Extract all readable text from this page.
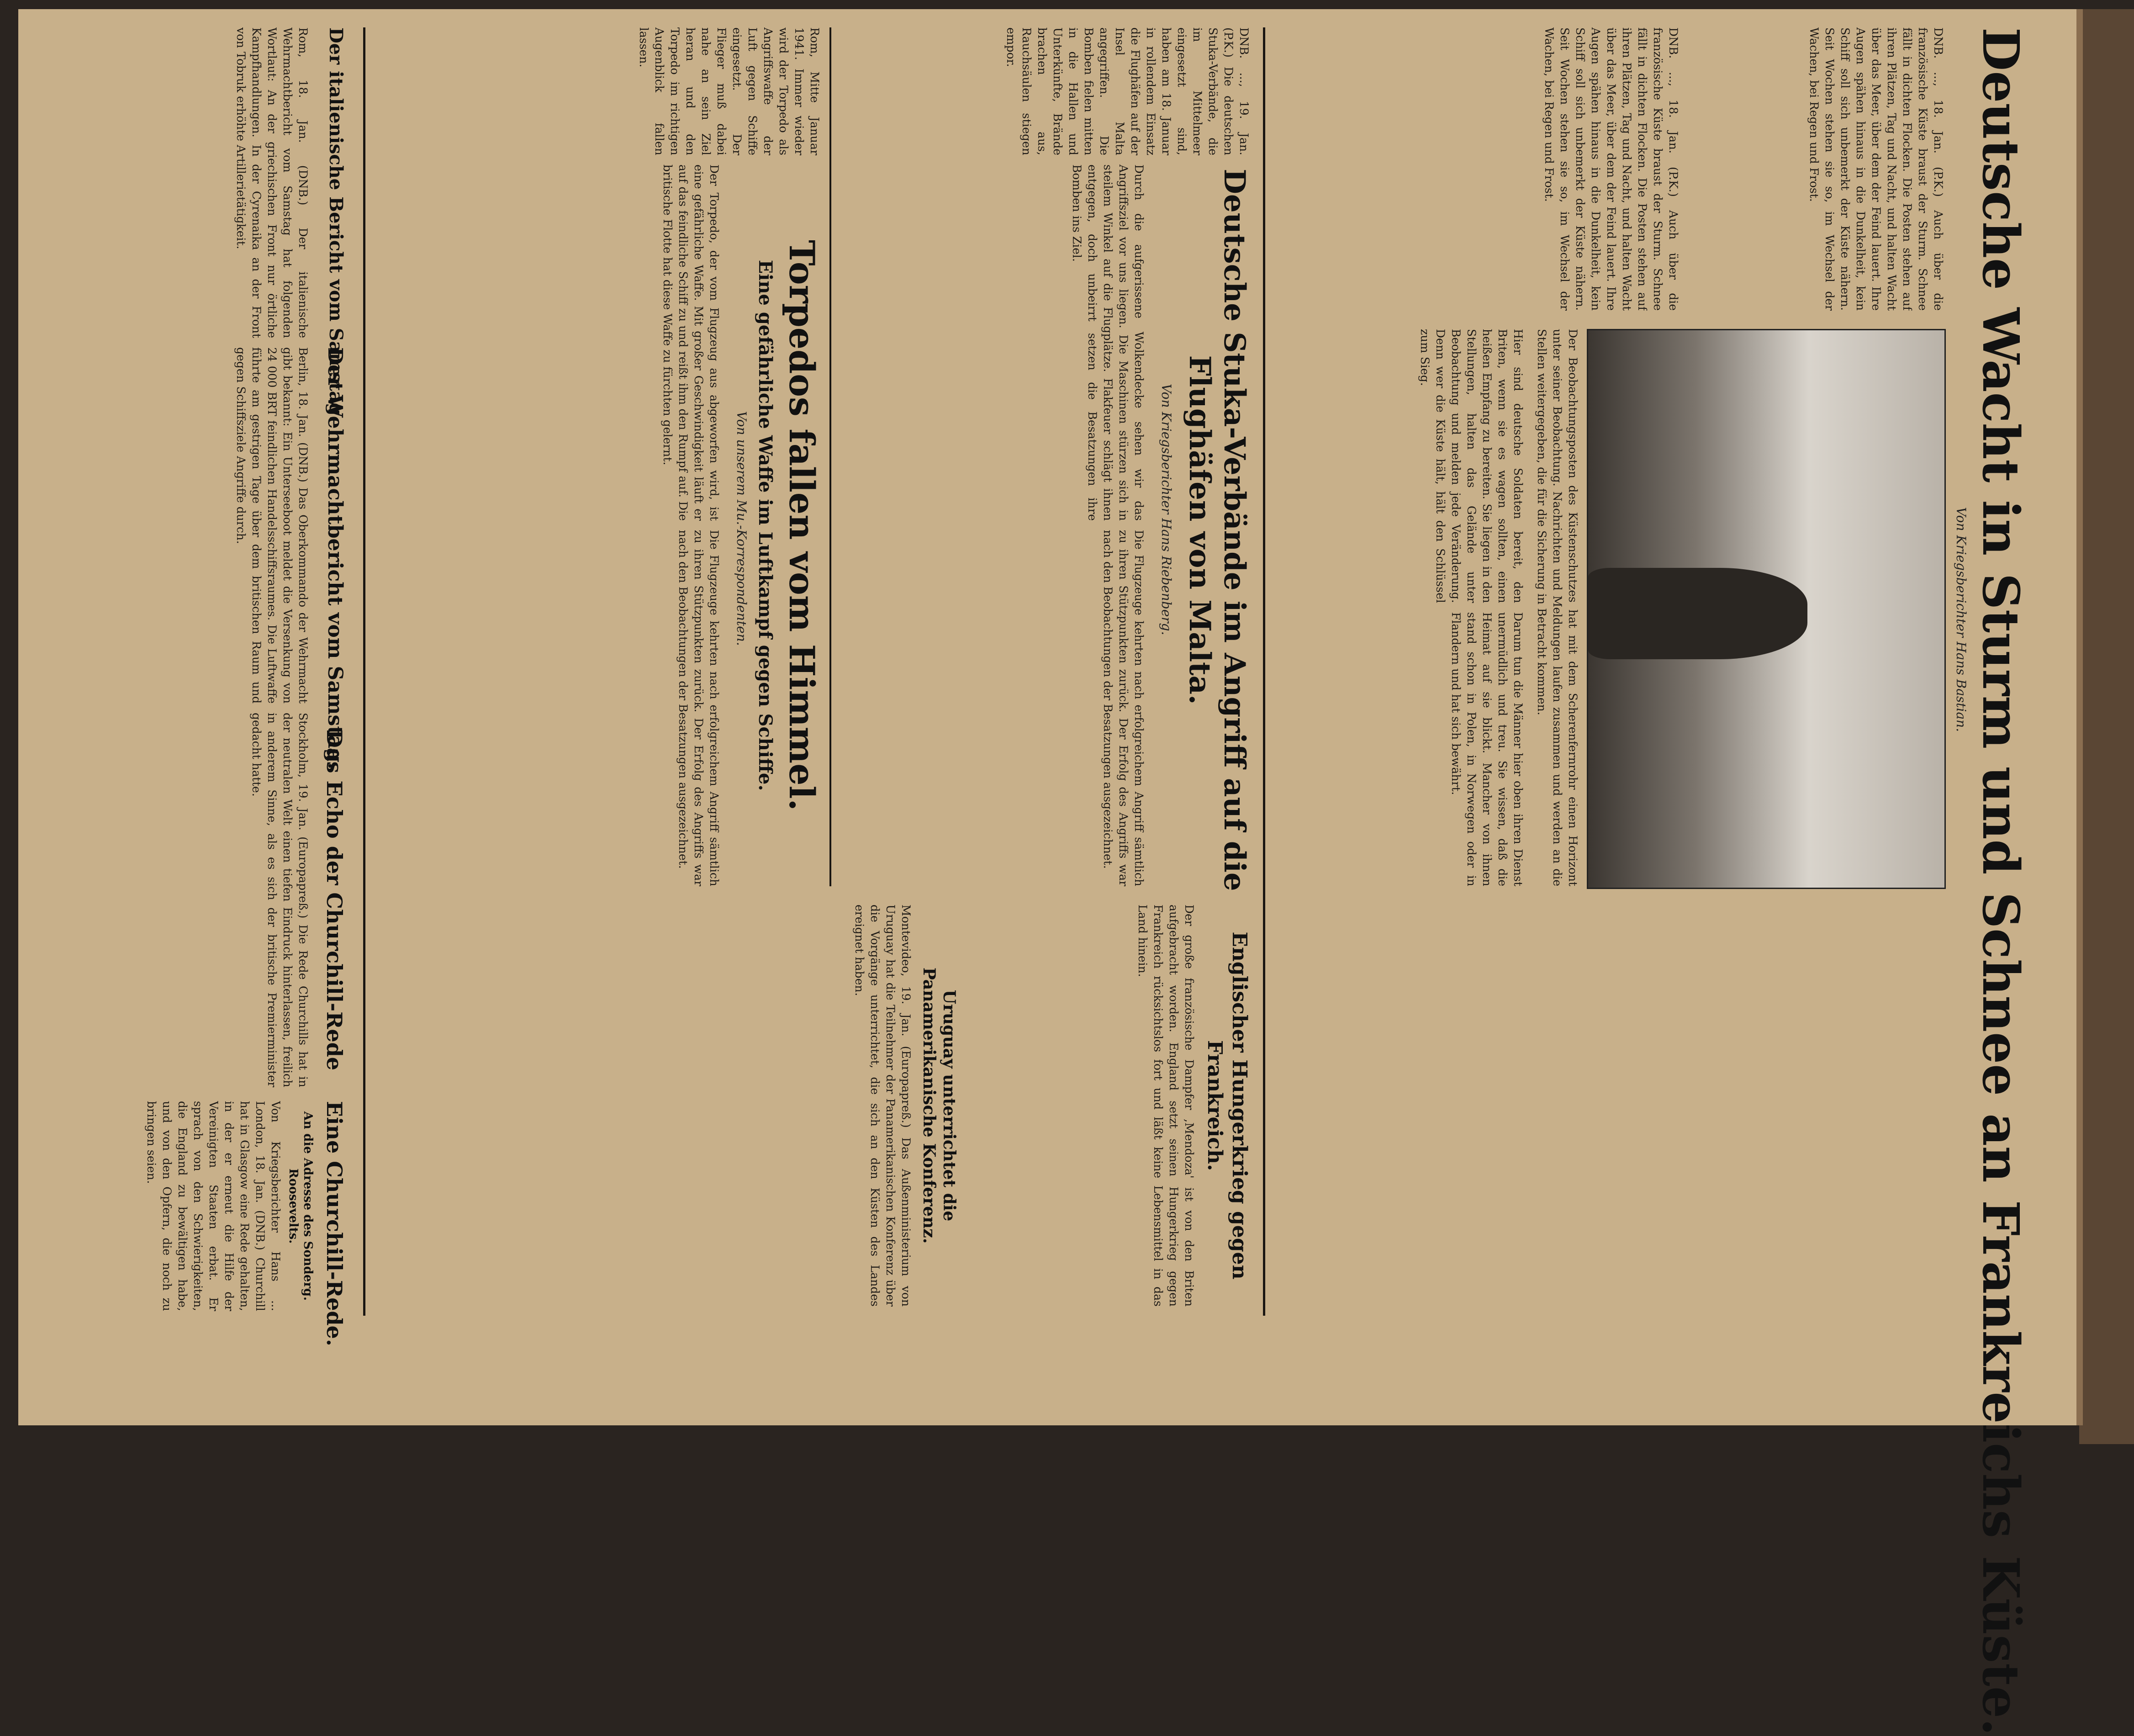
Deutsche Wacht in Sturm und Schnee an Frankreichs Küste.
Von Kriegsberichter Hans Bastian.
DNB. ..., 18. Jan. (P.K.) Auch über die französische Küste braust der Sturm. Schnee fällt in dichten Flocken. Die Posten stehen auf ihren Plätzen, Tag und Nacht, und halten Wacht über das Meer, über dem der Feind lauert. Ihre Augen spähen hinaus in die Dunkelheit, kein Schiff soll sich unbemerkt der Küste nähern. Seit Wochen stehen sie so, im Wechsel der Wachen, bei Regen und Frost.
Der Beobachtungsposten des Küstenschutzes hat mit dem Scherenfernrohr einen Horizont unter seiner Beobachtung. Nachrichten und Meldungen laufen zusammen und werden an die Stellen weitergegeben, die für die Sicherung in Betracht kommen.
Hier sind deutsche Soldaten bereit, den Briten, wenn sie es wagen sollten, einen heißen Empfang zu bereiten. Sie liegen in den Stellungen, halten das Gelände unter Beobachtung und melden jede Veränderung. Denn wer die Küste hält, hält den Schlüssel zum Sieg.
Darum tun die Männer hier oben ihren Dienst unermüdlich und treu. Sie wissen, daß die Heimat auf sie blickt. Mancher von ihnen stand schon in Polen, in Norwegen oder in Flandern und hat sich bewährt.
DNB. ..., 18. Jan. (P.K.) Auch über die französische Küste braust der Sturm. Schnee fällt in dichten Flocken. Die Posten stehen auf ihren Plätzen, Tag und Nacht, und halten Wacht über das Meer, über dem der Feind lauert. Ihre Augen spähen hinaus in die Dunkelheit, kein Schiff soll sich unbemerkt der Küste nähern. Seit Wochen stehen sie so, im Wechsel der Wachen, bei Regen und Frost.
Deutsche Stuka-Verbände im Angriff auf die Flughäfen von Malta.
Von Kriegsberichter Hans Riebenberg.
DNB. ..., 19. Jan. (P.K.) Die deutschen Stuka-Verbände, die im Mittelmeer eingesetzt sind, haben am 18. Januar in rollendem Einsatz die Flughäfen auf der Insel Malta angegriffen. Die Bomben fielen mitten in die Hallen und Unterkünfte, Brände brachen aus, Rauchsäulen stiegen empor.
Durch die aufgerissene Wolkendecke sehen wir das Angriffsziel vor uns liegen. Die Maschinen stürzen sich in steilem Winkel auf die Flugplätze. Flakfeuer schlägt ihnen entgegen, doch unbeirrt setzen die Besatzungen ihre Bomben ins Ziel.
Die Flugzeuge kehrten nach erfolgreichem Angriff sämtlich zu ihren Stützpunkten zurück. Der Erfolg des Angriffs war nach den Beobachtungen der Besatzungen ausgezeichnet.
Englischer Hungerkrieg gegen Frankreich.
Der große französische Dampfer ,Mendoza' ist von den Briten aufgebracht worden. England setzt seinen Hungerkrieg gegen Frankreich rücksichtslos fort und läßt keine Lebensmittel in das Land hinein.
Uruguay unterrichtet die Panamerikanische Konferenz.
Montevideo, 19. Jan. (Europapreß.) Das Außenministerium von Uruguay hat die Teilnehmer der Panamerikanischen Konferenz über die Vorgänge unterrichtet, die sich an den Küsten des Landes ereignet haben.
Torpedos fallen vom Himmel.
Eine gefährliche Waffe im Luftkampf gegen Schiffe.
Von unserem Mu.-Korrespondenten.
Rom, Mitte Januar 1941. Immer wieder wird der Torpedo als Angriffswaffe der Luft gegen Schiffe eingesetzt. Der Flieger muß dabei nahe an sein Ziel heran und den Torpedo im richtigen Augenblick fallen lassen.
Der Torpedo, der vom Flugzeug aus abgeworfen wird, ist eine gefährliche Waffe. Mit großer Geschwindigkeit läuft er auf das feindliche Schiff zu und reißt ihm den Rumpf auf. Die britische Flotte hat diese Waffe zu fürchten gelernt.
Die Flugzeuge kehrten nach erfolgreichem Angriff sämtlich zu ihren Stützpunkten zurück. Der Erfolg des Angriffs war nach den Beobachtungen der Besatzungen ausgezeichnet.
Eine Churchill-Rede.
An die Adresse des Sonderg. Roosevelts.
Von Kriegsberichter Hans ... London, 18. Jan. (DNB.) Churchill hat in Glasgow eine Rede gehalten, in der er erneut die Hilfe der Vereinigten Staaten erbat. Er sprach von den Schwierigkeiten, die England zu bewältigen habe, und von den Opfern, die noch zu bringen seien.
Das Echo der Churchill-Rede
Stockholm, 19. Jan. (Europapreß.) Die Rede Churchills hat in der neutralen Welt einen tiefen Eindruck hinterlassen, freilich in anderem Sinne, als es sich der britische Premierminister gedacht hatte.	Der Wehrmachtbericht vom Samstag.
Berlin, 18. Jan. (DNB.) Das Oberkommando der Wehrmacht gibt bekannt: Ein Unterseeboot meldet die Versenkung von 24 000 BRT feindlichen Handelsschiffsraumes. Die Luftwaffe führte am gestrigen Tage über dem britischen Raum und gegen Schiffsziele Angriffe durch.
Der italienische Bericht vom Samstag.
Rom, 18. Jan. (DNB.) Der italienische Wehrmachtbericht vom Samstag hat folgenden Wortlaut: An der griechischen Front nur örtliche Kampfhandlungen. In der Cyrenaika an der Front von Tobruk erhöhte Artillerietätigkeit.
